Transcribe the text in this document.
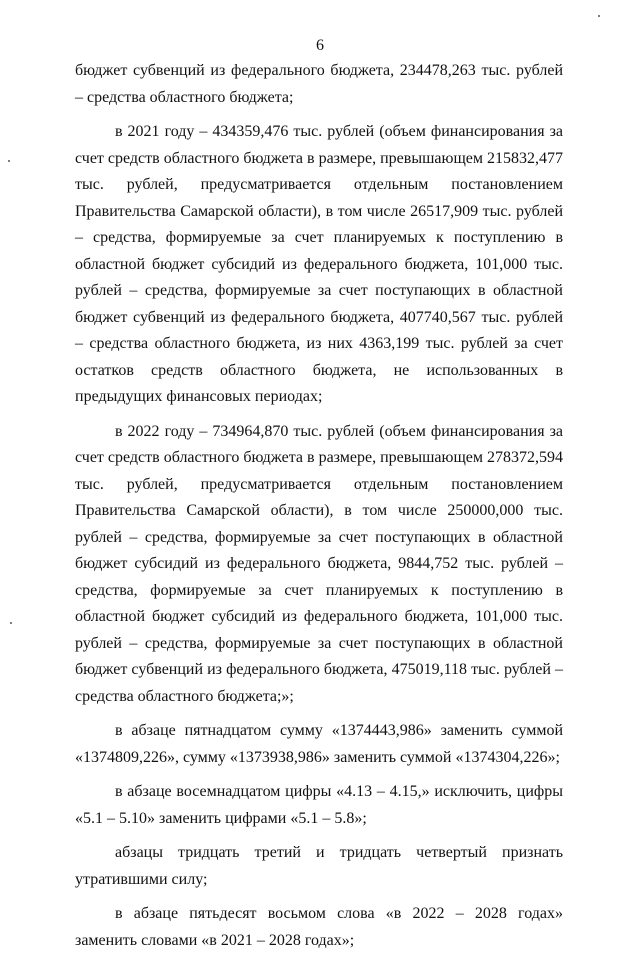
6

бюджет субвенций из федерального бюджета, 234478,263 тыс. рублей – средства областного бюджета;

в 2021 году – 434359,476 тыс. рублей (объем финансирования за счет средств областного бюджета в размере, превышающем 215832,477 тыс. рублей, предусматривается отдельным постановлением Правительства Самарской области), в том числе 26517,909 тыс. рублей – средства, формируемые за счет планируемых к поступлению в областной бюджет субсидий из федерального бюджета, 101,000 тыс. рублей – средства, формируемые за счет поступающих в областной бюджет субвенций из федерального бюджета, 407740,567 тыс. рублей – средства областного бюджета, из них 4363,199 тыс. рублей за счет остатков средств областного бюджета, не использованных в предыдущих финансовых периодах;

в 2022 году – 734964,870 тыс. рублей (объем финансирования за счет средств областного бюджета в размере, превышающем 278372,594 тыс. рублей, предусматривается отдельным постановлением Правительства Самарской области), в том числе 250000,000 тыс. рублей – средства, формируемые за счет поступающих в областной бюджет субсидий из федерального бюджета, 9844,752 тыс. рублей – средства, формируемые за счет планируемых к поступлению в областной бюджет субсидий из федерального бюджета, 101,000 тыс. рублей – средства, формируемые за счет поступающих в областной бюджет субвенций из федерального бюджета, 475019,118 тыс. рублей – средства областного бюджета;»;

в абзаце пятнадцатом сумму «1374443,986» заменить суммой «1374809,226», сумму «1373938,986» заменить суммой «1374304,226»;

в абзаце восемнадцатом цифры «4.13 – 4.15,» исключить, цифры «5.1 – 5.10» заменить цифрами «5.1 – 5.8»;

абзацы тридцать третий и тридцать четвертый признать утратившими силу;

в абзаце пятьдесят восьмом слова «в 2022 – 2028 годах» заменить словами «в 2021 – 2028 годах»;
